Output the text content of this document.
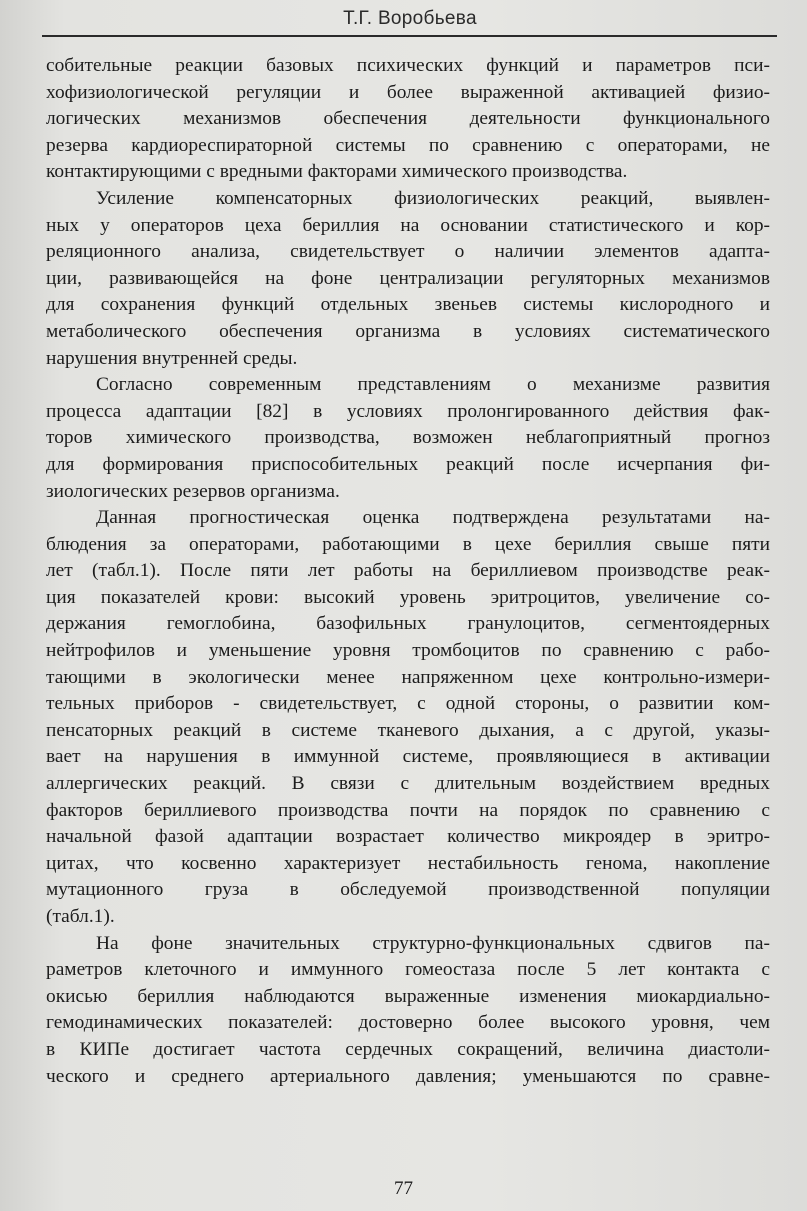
Т.Г. Воробьева

собительные реакции базовых психических функций и параметров пси-
хофизиологической регуляции и более выраженной активацией физио-
логических механизмов обеспечения деятельности функционального
резерва кардиореспираторной системы по сравнению с операторами, не
контактирующими с вредными факторами химического производства.

Усиление компенсаторных физиологических реакций, выявлен-
ных у операторов цеха бериллия на основании статистического и кор-
реляционного анализа, свидетельствует о наличии элементов адапта-
ции, развивающейся на фоне централизации регуляторных механизмов
для сохранения функций отдельных звеньев системы кислородного и
метаболического обеспечения организма в условиях систематического
нарушения внутренней среды.

Согласно современным представлениям о механизме развития
процесса адаптации [82] в условиях пролонгированного действия фак-
торов химического производства, возможен неблагоприятный прогноз
для формирования приспособительных реакций после исчерпания фи-
зиологических резервов организма.

Данная прогностическая оценка подтверждена результатами на-
блюдения за операторами, работающими в цехе бериллия свыше пяти
лет (табл.1). После пяти лет работы на бериллиевом производстве реак-
ция показателей крови: высокий уровень эритроцитов, увеличение со-
держания гемоглобина, базофильных гранулоцитов, сегментоядерных
нейтрофилов и уменьшение уровня тромбоцитов по сравнению с рабо-
тающими в экологически менее напряженном цехе контрольно-измери-
тельных приборов - свидетельствует, с одной стороны, о развитии ком-
пенсаторных реакций в системе тканевого дыхания, а с другой, указы-
вает на нарушения в иммунной системе, проявляющиеся в активации
аллергических реакций. В связи с длительным воздействием вредных
факторов бериллиевого производства почти на порядок по сравнению с
начальной фазой адаптации возрастает количество микроядер в эритро-
цитах, что косвенно характеризует нестабильность генома, накопление
мутационного груза в обследуемой производственной популяции
(табл.1).

На фоне значительных структурно-функциональных сдвигов па-
раметров клеточного и иммунного гомеостаза после 5 лет контакта с
окисью бериллия наблюдаются выраженные изменения миокардиально-
гемодинамических показателей: достоверно более высокого уровня, чем
в КИПе достигает частота сердечных сокращений, величина диастоли-
ческого и среднего артериального давления; уменьшаются по сравне-

77
